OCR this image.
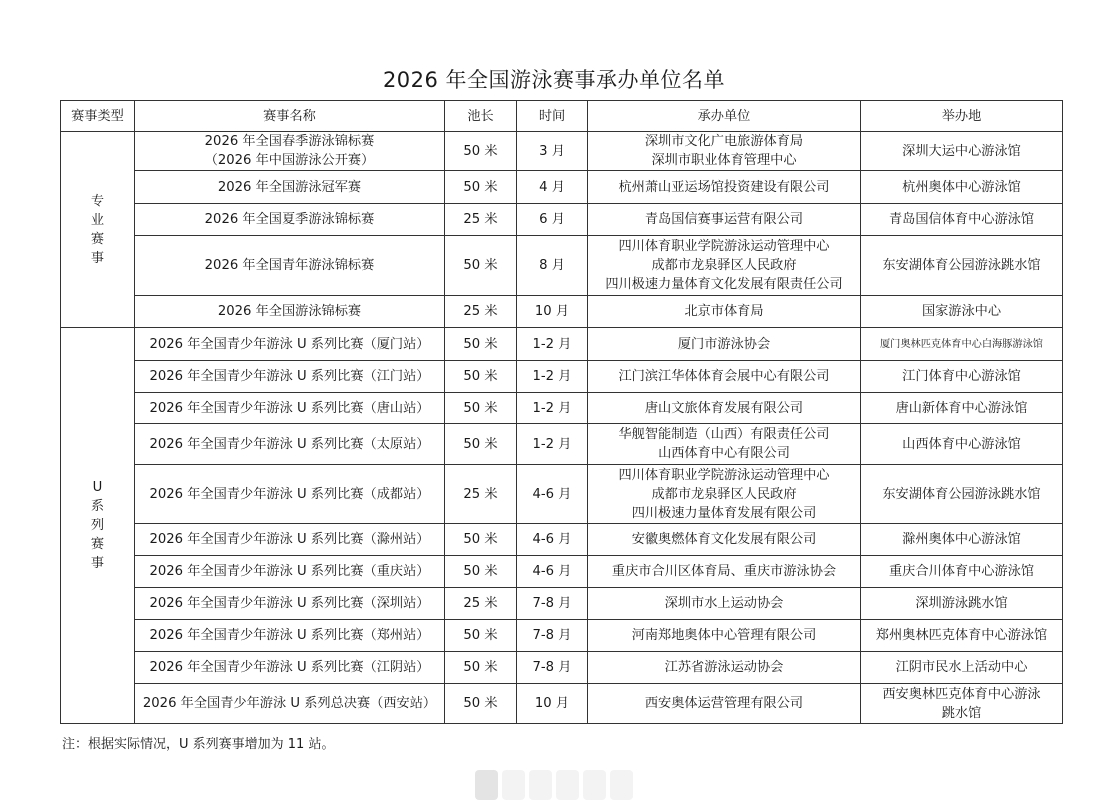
2026 年全国游泳赛事承办单位名单
赛事类型	赛事名称	池长	时间	承办单位	举办地

专
业
赛
事	2026 年全国春季游泳锦标赛
（2026 年中国游泳公开赛）	50 米	3 月	深圳市文化广电旅游体育局
深圳市职业体育管理中心	深圳大运中心游泳馆
	2026 年全国游泳冠军赛	50 米	4 月	杭州萧山亚运场馆投资建设有限公司	杭州奥体中心游泳馆
	2026 年全国夏季游泳锦标赛	25 米	6 月	青岛国信赛事运营有限公司	青岛国信体育中心游泳馆
	2026 年全国青年游泳锦标赛	50 米	8 月	四川体育职业学院游泳运动管理中心
成都市龙泉驿区人民政府
四川极速力量体育文化发展有限责任公司	东安湖体育公园游泳跳水馆
	2026 年全国游泳锦标赛	25 米	10 月	北京市体育局	国家游泳中心

U
系
列
赛
事	2026 年全国青少年游泳 U 系列比赛（厦门站）	50 米	1-2 月	厦门市游泳协会	厦门奥林匹克体育中心白海豚游泳馆
	2026 年全国青少年游泳 U 系列比赛（江门站）	50 米	1-2 月	江门滨江华体体育会展中心有限公司	江门体育中心游泳馆
	2026 年全国青少年游泳 U 系列比赛（唐山站）	50 米	1-2 月	唐山文旅体育发展有限公司	唐山新体育中心游泳馆
	2026 年全国青少年游泳 U 系列比赛（太原站）	50 米	1-2 月	华舰智能制造（山西）有限责任公司
山西体育中心有限公司	山西体育中心游泳馆
	2026 年全国青少年游泳 U 系列比赛（成都站）	25 米	4-6 月	四川体育职业学院游泳运动管理中心
成都市龙泉驿区人民政府
四川极速力量体育发展有限公司	东安湖体育公园游泳跳水馆
	2026 年全国青少年游泳 U 系列比赛（滁州站）	50 米	4-6 月	安徽奥燃体育文化发展有限公司	滁州奥体中心游泳馆
	2026 年全国青少年游泳 U 系列比赛（重庆站）	50 米	4-6 月	重庆市合川区体育局、重庆市游泳协会	重庆合川体育中心游泳馆
	2026 年全国青少年游泳 U 系列比赛（深圳站）	25 米	7-8 月	深圳市水上运动协会	深圳游泳跳水馆
	2026 年全国青少年游泳 U 系列比赛（郑州站）	50 米	7-8 月	河南郑地奥体中心管理有限公司	郑州奥林匹克体育中心游泳馆
	2026 年全国青少年游泳 U 系列比赛（江阴站）	50 米	7-8 月	江苏省游泳运动协会	江阴市民水上活动中心
	2026 年全国青少年游泳 U 系列总决赛（西安站）	50 米	10 月	西安奥体运营管理有限公司	西安奥林匹克体育中心游泳
跳水馆
注：根据实际情况，U 系列赛事增加为 11 站。
